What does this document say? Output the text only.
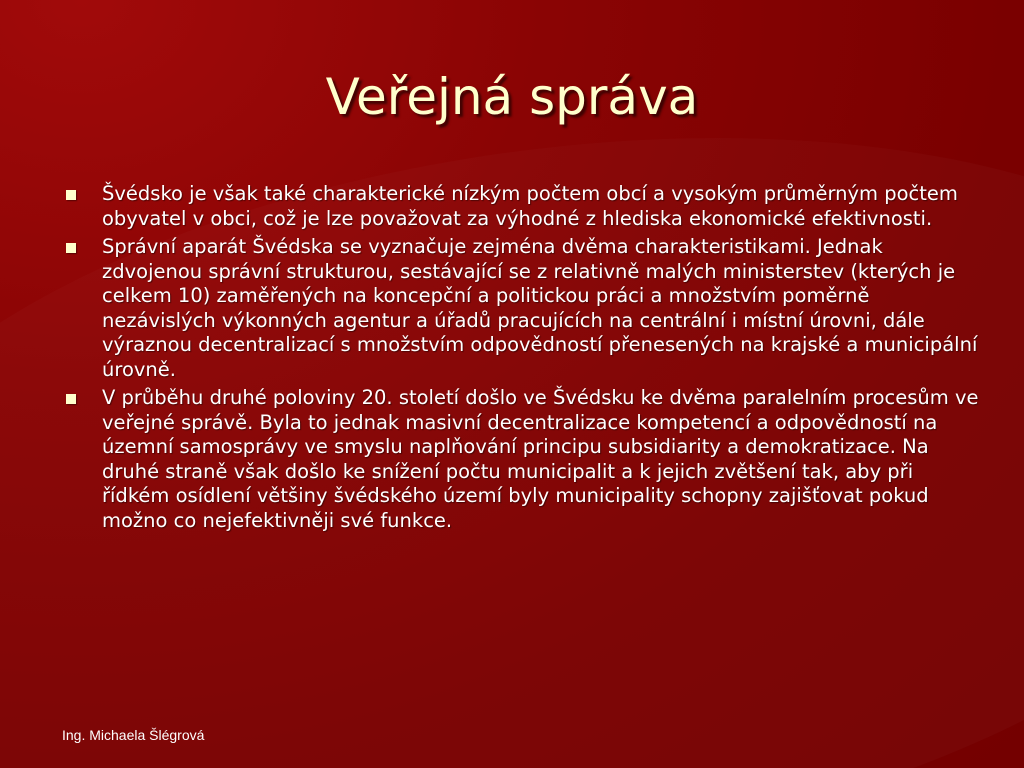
Veřejná správa
Švédsko je však také charakterické nízkým počtem obcí a vysokým průměrným počtem obyvatel v obci, což je lze považovat za výhodné z hlediska ekonomické efektivnosti.
Správní aparát Švédska se vyznačuje zejména dvěma charakteristikami. Jednak zdvojenou správní strukturou, sestávající se z relativně malých ministerstev (kterých je celkem 10) zaměřených na koncepční a politickou práci a množstvím poměrně nezávislých výkonných agentur a úřadů pracujících na centrální i místní úrovni, dále výraznou decentralizací s množstvím odpovědností přenesených na krajské a municipální úrovně.
V průběhu druhé poloviny 20. století došlo ve Švédsku ke dvěma paralelním procesům ve veřejné správě. Byla to jednak masivní decentralizace kompetencí a odpovědností na územní samosprávy ve smyslu naplňování principu subsidiarity a demokratizace. Na druhé straně však došlo ke snížení počtu municipalit a k jejich zvětšení tak, aby při řídkém osídlení většiny švédského území byly municipality schopny zajišťovat pokud možno co nejefektivněji své funkce.
Ing. Michaela Šlégrová
